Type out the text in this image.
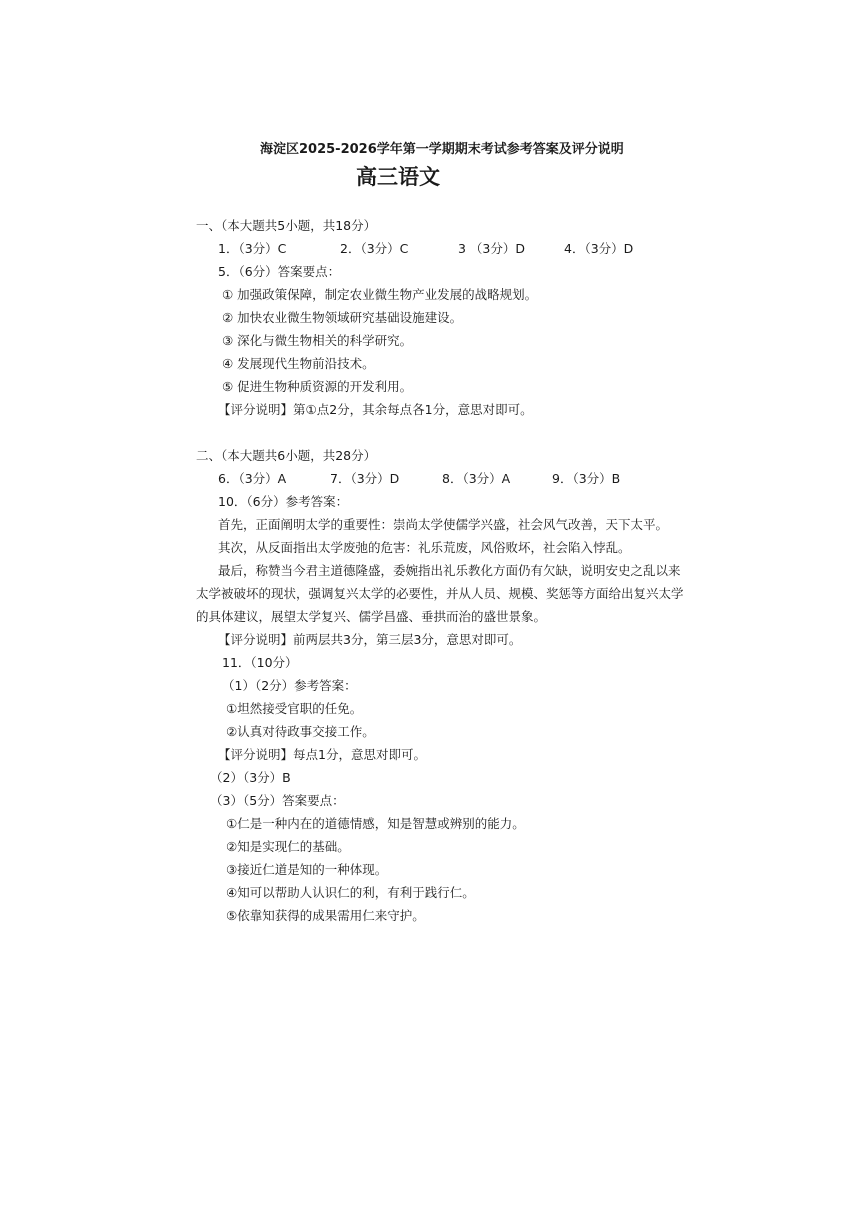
海淀区2025-2026学年第一学期期末考试参考答案及评分说明
高三语文
一、（本大题共5小题，共18分）
1．（3分）C	2．（3分）C	3 （3分）D	4．（3分）D
5．（6分）答案要点：
① 加强政策保障，制定农业微生物产业发展的战略规划。
② 加快农业微生物领域研究基础设施建设。
③ 深化与微生物相关的科学研究。
④ 发展现代生物前沿技术。
⑤ 促进生物种质资源的开发利用。
【评分说明】第①点2分，其余每点各1分，意思对即可。
二、（本大题共6小题，共28分）
6．（3分）A	7．（3分）D	8．（3分）A	9．（3分）B
10．（6分）参考答案：
首先，正面阐明太学的重要性：崇尚太学使儒学兴盛，社会风气改善，天下太平。
其次，从反面指出太学废弛的危害：礼乐荒废，风俗败坏，社会陷入悖乱。
最后，称赞当今君主道德隆盛，委婉指出礼乐教化方面仍有欠缺，说明安史之乱以来
太学被破坏的现状，强调复兴太学的必要性，并从人员、规模、奖惩等方面给出复兴太学
的具体建议，展望太学复兴、儒学昌盛、垂拱而治的盛世景象。
【评分说明】前两层共3分，第三层3分，意思对即可。
11．（10分）
（1）（2分）参考答案：
①坦然接受官职的任免。
②认真对待政事交接工作。
【评分说明】每点1分，意思对即可。
（2）（3分）B
（3）（5分）答案要点：
①仁是一种内在的道德情感，知是智慧或辨别的能力。
②知是实现仁的基础。
③接近仁道是知的一种体现。
④知可以帮助人认识仁的利，有利于践行仁。
⑤依靠知获得的成果需用仁来守护。
